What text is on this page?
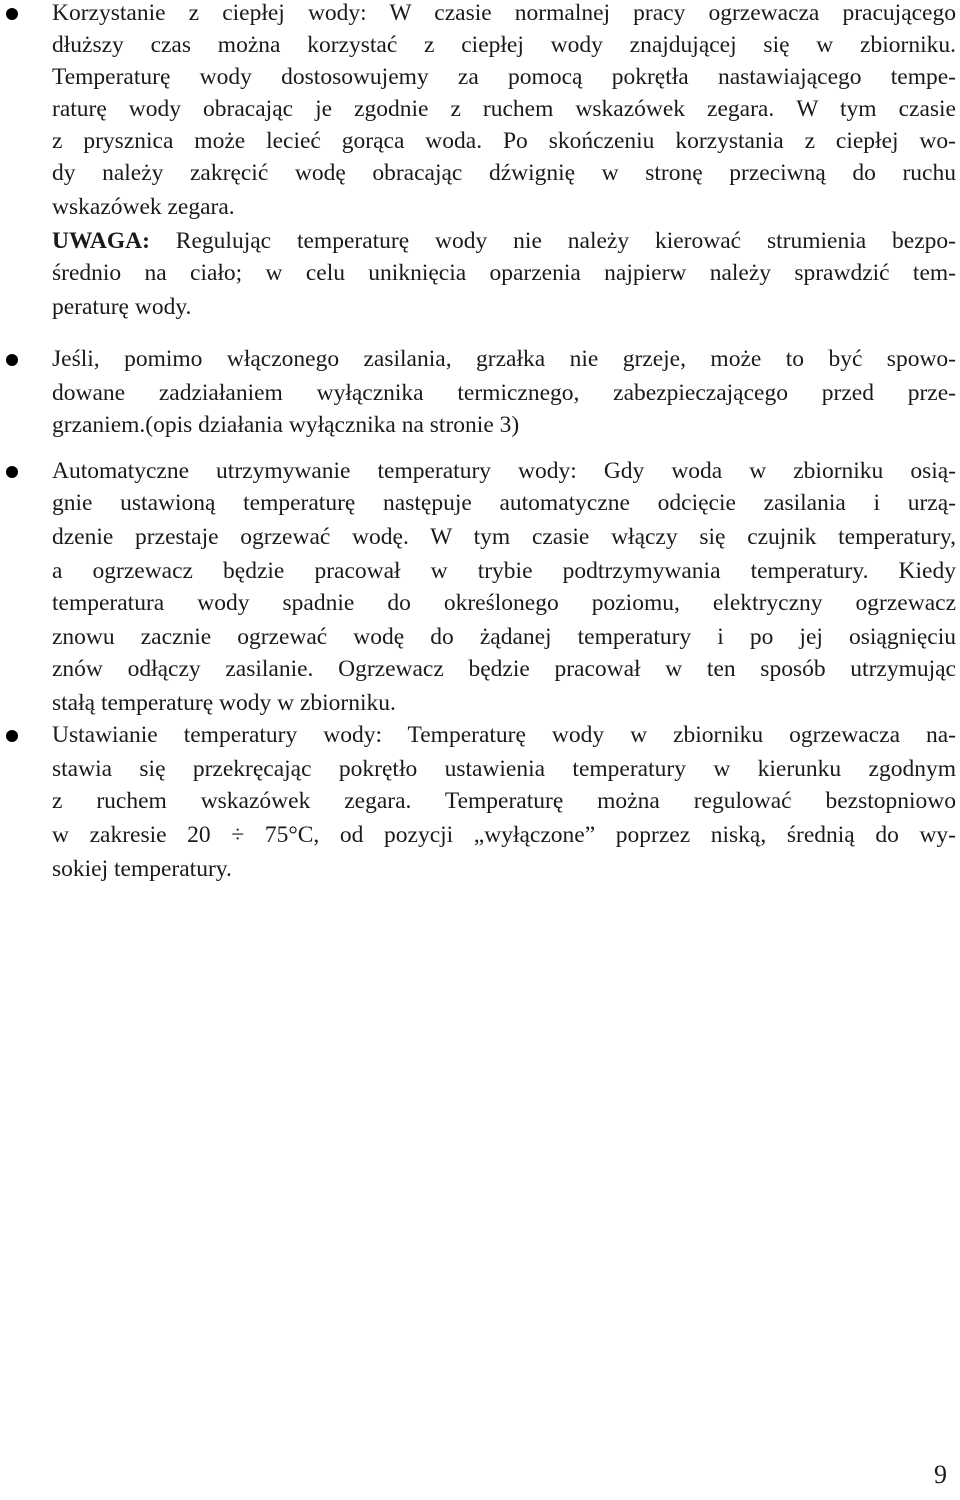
Korzystanie z ciepłej wody: W czasie normalnej pracy ogrzewacza pracującego
dłuższy czas można korzystać z ciepłej wody znajdującej się w zbiorniku.
Temperaturę wody dostosowujemy za pomocą pokrętła nastawiającego tempe-
raturę wody obracając je zgodnie z ruchem wskazówek zegara. W tym czasie
z prysznica może lecieć gorąca woda. Po skończeniu korzystania z ciepłej wo-
dy należy zakręcić wodę obracając dźwignię w stronę przeciwną do ruchu
wskazówek zegara.
UWAGA: Regulując temperaturę wody nie należy kierować strumienia bezpo-
średnio na ciało; w celu uniknięcia oparzenia najpierw należy sprawdzić tem-
peraturę wody.
Jeśli, pomimo włączonego zasilania, grzałka nie grzeje, może to być spowo-
dowane zadziałaniem wyłącznika termicznego, zabezpieczającego przed prze-
grzaniem.(opis działania wyłącznika na stronie 3)
Automatyczne utrzymywanie temperatury wody: Gdy woda w zbiorniku osią-
gnie ustawioną temperaturę następuje automatyczne odcięcie zasilania i urzą-
dzenie przestaje ogrzewać wodę. W tym czasie włączy się czujnik temperatury,
a ogrzewacz będzie pracował w trybie podtrzymywania temperatury. Kiedy
temperatura wody spadnie do określonego poziomu, elektryczny ogrzewacz
znowu zacznie ogrzewać wodę do żądanej temperatury i po jej osiągnięciu
znów odłączy zasilanie. Ogrzewacz będzie pracował w ten sposób utrzymując
stałą temperaturę wody w zbiorniku.
Ustawianie temperatury wody: Temperaturę wody w zbiorniku ogrzewacza na-
stawia się przekręcając pokrętło ustawienia temperatury w kierunku zgodnym
z ruchem wskazówek zegara. Temperaturę można regulować bezstopniowo
w zakresie 20 ÷ 75°C, od pozycji „wyłączone” poprzez niską, średnią do wy-
sokiej temperatury.
9
